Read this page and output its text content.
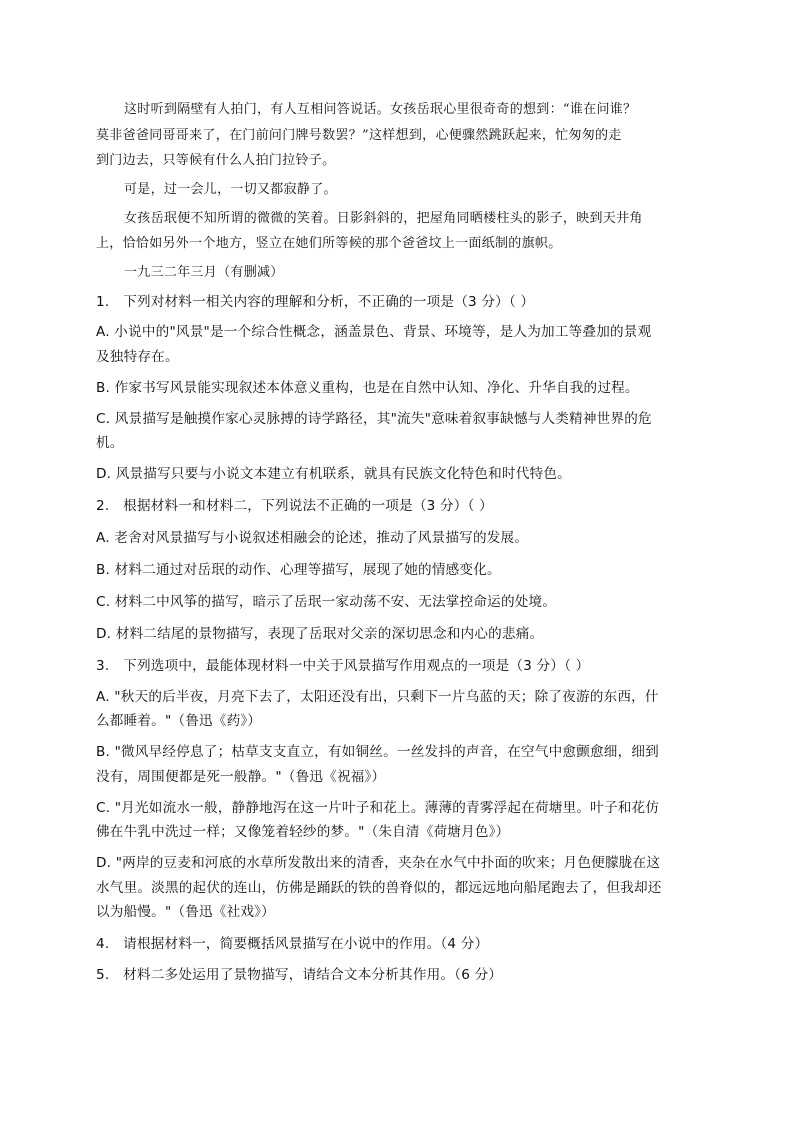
这时听到隔壁有人拍门，有人互相问答说话。女孩岳珉心里很奇奇的想到：“谁在问谁？
莫非爸爸同哥哥来了，在门前问门牌号数罢？”这样想到，心便骤然跳跃起来，忙匆匆的走
到门边去，只等候有什么人拍门拉铃子。
可是，过一会儿，一切又都寂静了。
女孩岳珉便不知所谓的微微的笑着。日影斜斜的，把屋角同晒楼柱头的影子，映到天井角
上，恰恰如另外一个地方，竖立在她们所等候的那个爸爸坟上一面纸制的旗帜。
一九三二年三月（有删减）
1.　下列对材料一相关内容的理解和分析，不正确的一项是（3 分）（ ）
A. 小说中的"风景"是一个综合性概念，涵盖景色、背景、环境等，是人为加工等叠加的景观
及独特存在。
B. 作家书写风景能实现叙述本体意义重构，也是在自然中认知、净化、升华自我的过程。
C. 风景描写是触摸作家心灵脉搏的诗学路径，其"流失"意味着叙事缺憾与人类精神世界的危
机。
D. 风景描写只要与小说文本建立有机联系，就具有民族文化特色和时代特色。
2.　根据材料一和材料二，下列说法不正确的一项是（3 分）（ ）
A. 老舍对风景描写与小说叙述相融会的论述，推动了风景描写的发展。
B. 材料二通过对岳珉的动作、心理等描写，展现了她的情感变化。
C. 材料二中风筝的描写，暗示了岳珉一家动荡不安、无法掌控命运的处境。
D. 材料二结尾的景物描写，表现了岳珉对父亲的深切思念和内心的悲痛。
3.　下列选项中，最能体现材料一中关于风景描写作用观点的一项是（3 分）（ ）
A. "秋天的后半夜，月亮下去了，太阳还没有出，只剩下一片乌蓝的天；除了夜游的东西，什
么都睡着。"（鲁迅《药》）
B. "微风早经停息了；枯草支支直立，有如铜丝。一丝发抖的声音，在空气中愈颤愈细，细到
没有，周围便都是死一般静。"（鲁迅《祝福》）
C. "月光如流水一般，静静地泻在这一片叶子和花上。薄薄的青雾浮起在荷塘里。叶子和花仿
佛在牛乳中洗过一样；又像笼着轻纱的梦。"（朱自清《荷塘月色》）
D. "两岸的豆麦和河底的水草所发散出来的清香，夹杂在水气中扑面的吹来；月色便朦胧在这
水气里。淡黑的起伏的连山，仿佛是踊跃的铁的兽脊似的，都远远地向船尾跑去了，但我却还
以为船慢。"（鲁迅《社戏》）
4.　请根据材料一，简要概括风景描写在小说中的作用。（4 分）
5.　材料二多处运用了景物描写，请结合文本分析其作用。（6 分）
